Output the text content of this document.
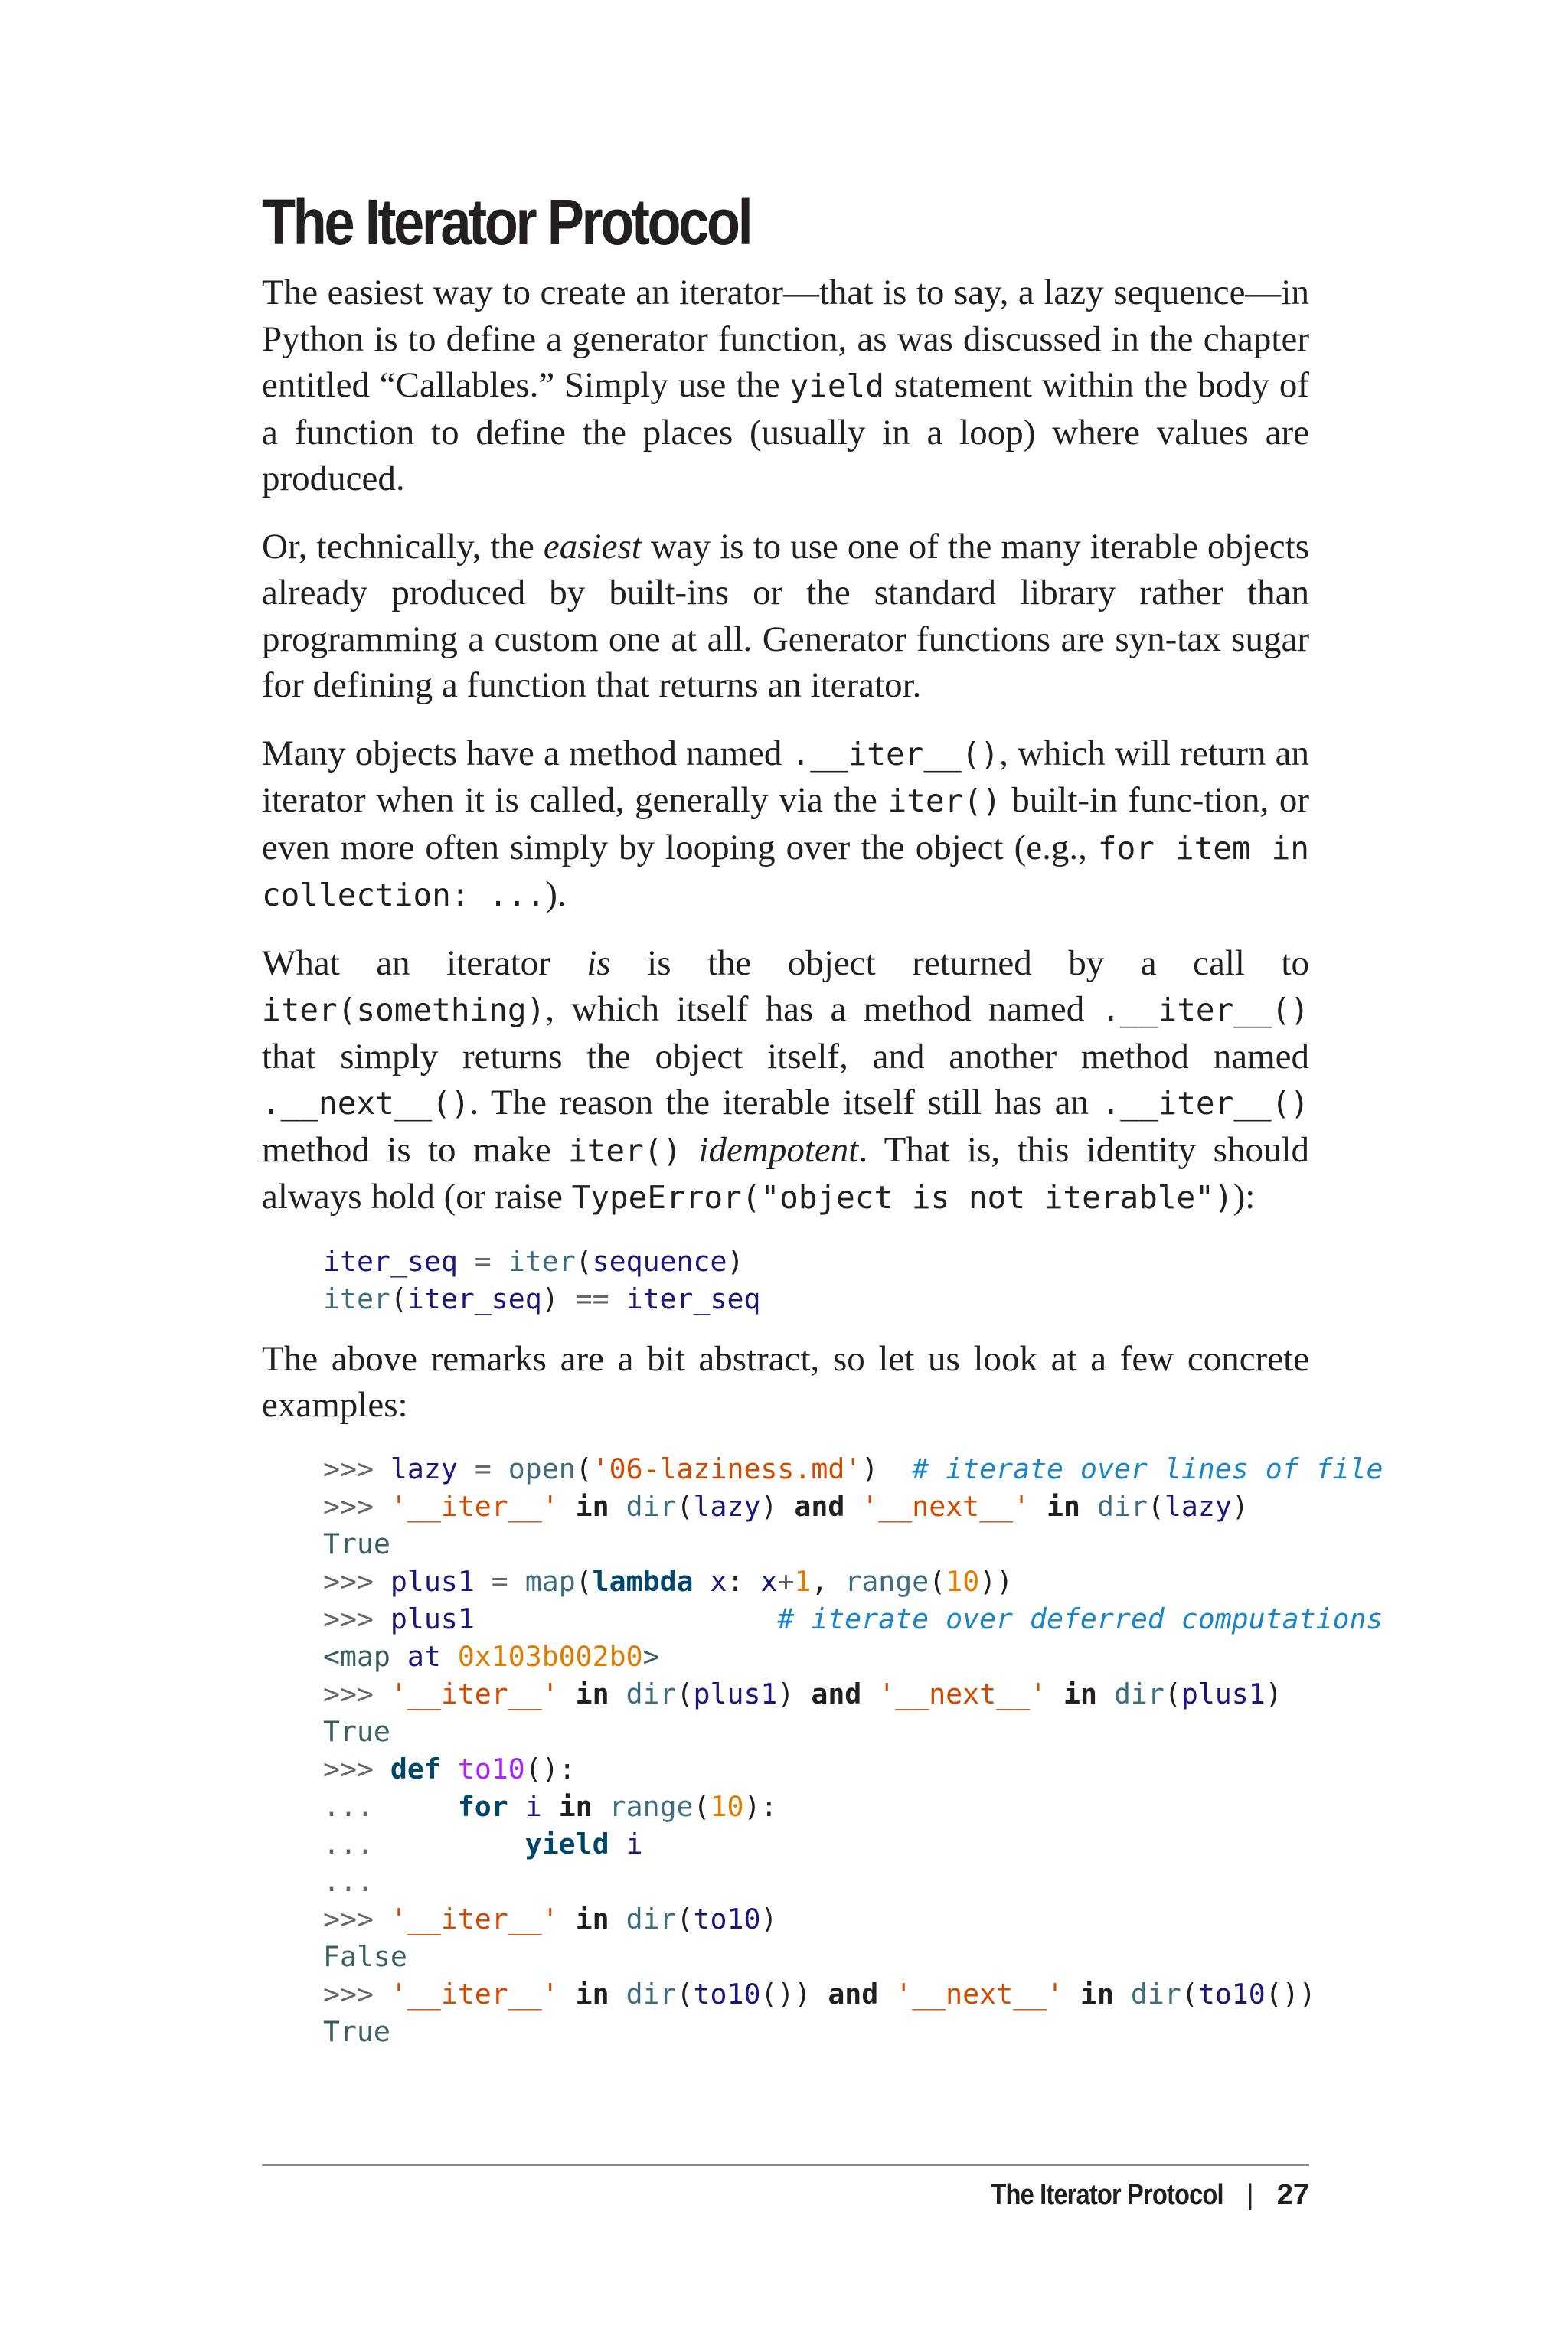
The Iterator Protocol

The easiest way to create an iterator—that is to say, a lazy sequence—in Python is to define a generator function, as was discussed in the chapter entitled “Callables.” Simply use the yield statement within the body of a function to define the places (usually in a loop) where values are produced.

Or, technically, the easiest way is to use one of the many iterable objects already produced by built-ins or the standard library rather than programming a custom one at all. Generator functions are syn-tax sugar for defining a function that returns an iterator.

Many objects have a method named .__iter__(), which will return an iterator when it is called, generally via the iter() built-in func-tion, or even more often simply by looping over the object (e.g., for item in collection: ...).

What an iterator is is the object returned by a call to iter(something), which itself has a method named .__iter__() that simply returns the object itself, and another method named .__next__(). The reason the iterable itself still has an .__iter__() method is to make iter() idempotent. That is, this identity should always hold (or raise TypeError("object is not iterable")):

iter_seq = iter(sequence)
iter(iter_seq) == iter_seq

The above remarks are a bit abstract, so let us look at a few concrete examples:

>>> lazy = open('06-laziness.md')  # iterate over lines of file
>>> '__iter__' in dir(lazy) and '__next__' in dir(lazy)
True
>>> plus1 = map(lambda x: x+1, range(10))
>>> plus1	# iterate over deferred computations
<map at 0x103b002b0>
>>> '__iter__' in dir(plus1) and '__next__' in dir(plus1)
True
>>> def to10():
...	for i in range(10):
...	yield i
...
>>> '__iter__' in dir(to10)
False
>>> '__iter__' in dir(to10()) and '__next__' in dir(to10())
True
The Iterator Protocol | 27
